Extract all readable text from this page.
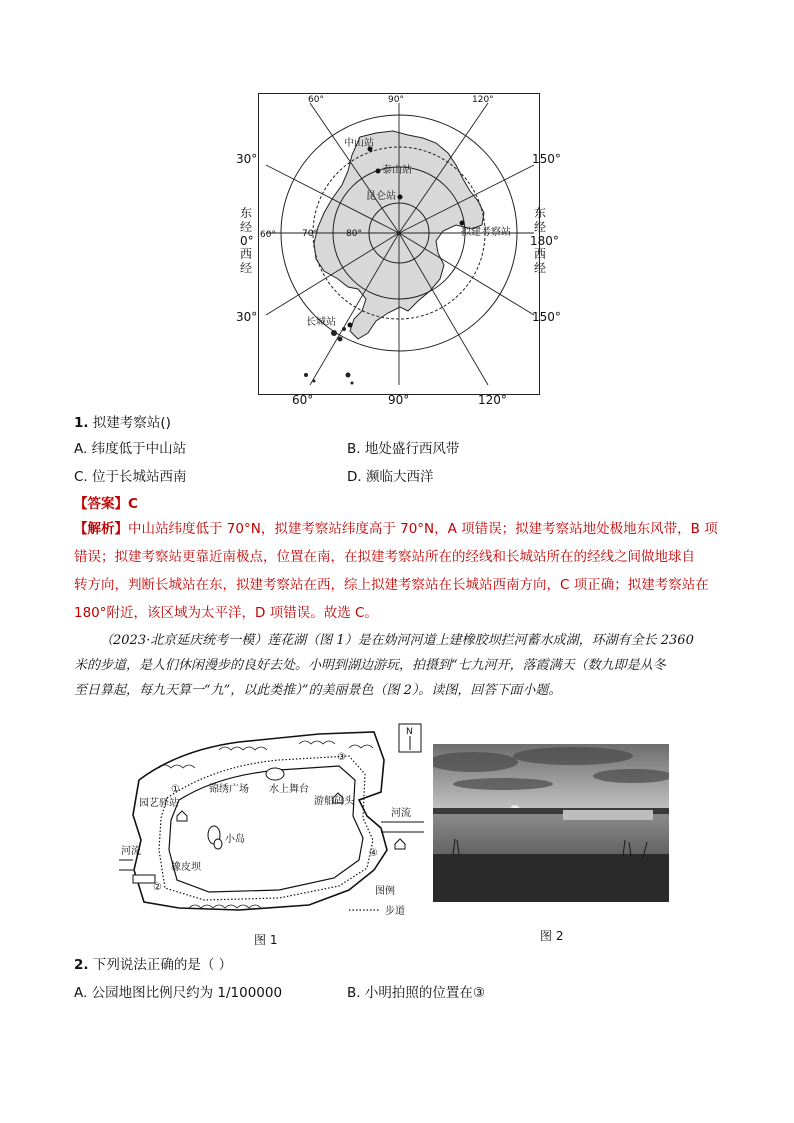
中山站
泰山站
昆仑站
拟建考察站
长城站
70°	80°
60°	90°	120°
60°
30°
30°
150°
150°
东经
0°
西经
东经
180°
西经
60°	90°	120°
1. 拟建考察站()
A. 纬度低于中山站	B. 地处盛行西风带
C. 位于长城站西南	D. 濒临大西洋
【答案】C
【解析】中山站纬度低于 70°N，拟建考察站纬度高于 70°N，A 项错误；拟建考察站地处极地东风带，B 项
错误；拟建考察站更靠近南极点，位置在南，在拟建考察站所在的经线和长城站所在的经线之间做地球自
转方向，判断长城站在东，拟建考察站在西，综上拟建考察站在长城站西南方向，C 项正确；拟建考察站在
180°附近，该区域为太平洋，D 项错误。故选 C。
（2023·北京延庆统考一模）莲花湖（图 1）是在妫河河道上建橡胶坝拦河蓄水成湖，环湖有全长 2360
米的步道，是人们休闲漫步的良好去处。小明到湖边游玩，拍摄到“七九河开，落霞满天（数九即是从冬
至日算起，每九天算一“九”，以此类推）”的美丽景色（图 2）。读图，回答下面小题。
N
①
②
③
④
园艺驿站
锦绣广场 水上舞台
游船码头
小岛
橡皮坝
河流
河流
图例
步道
图 1	图 2
2. 下列说法正确的是（ ）
A. 公园地图比例尺约为 1/100000	B. 小明拍照的位置在③
